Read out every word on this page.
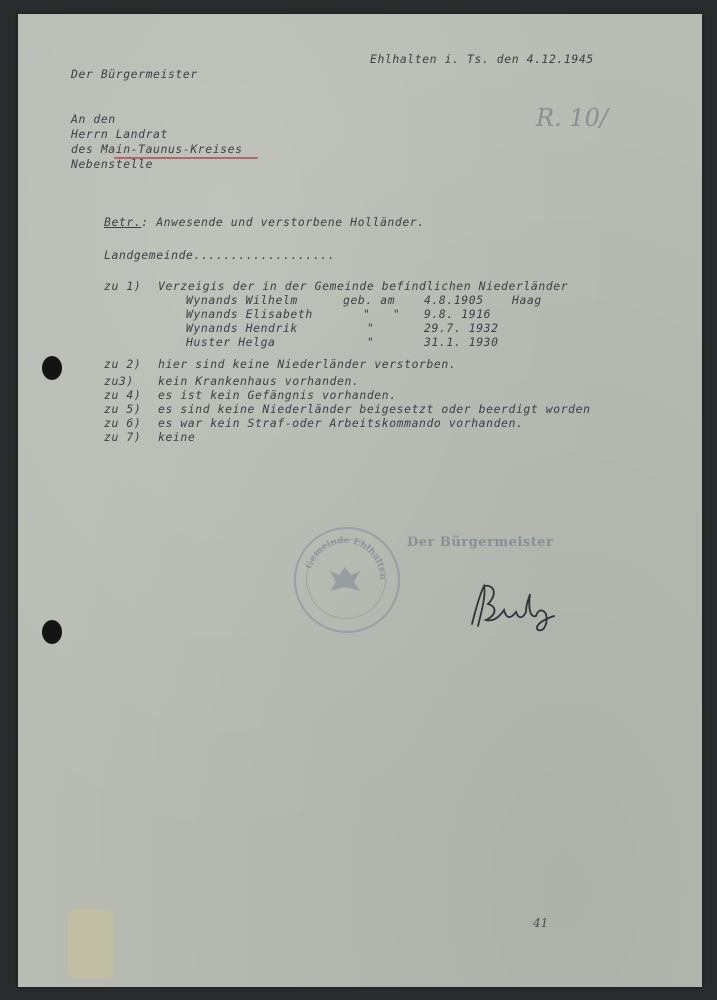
Ehlhalten i. Ts. den 4.12.1945
Der Bürgermeister
R. 10/
An den
Herrn Landrat
des Main-Taunus-Kreises
Nebenstelle
Betr.: Anwesende und verstorbene Holländer.
Landgemeinde...................
zu 1) Verzeigis der in der Gemeinde befindlichen Niederländer
Wynands Wilhelm	geb. am	4.8.1905 Haag
Wynands Elisabeth	"   " 9.8. 1916
Wynands Hendrik	"	29.7. 1932
Huster Helga	"	31.1. 1930
zu 2) hier sind keine Niederländer verstorben.
zu3) kein Krankenhaus vorhanden.
zu 4) es ist kein Gefängnis vorhanden.
zu 5) es sind keine Niederländer beigesetzt oder beerdigt worden
zu 6) es war kein Straf-oder Arbeitskommando vorhanden.
zu 7) keine
Gemeinde Ehlhalten
Der Bürgermeister
41
